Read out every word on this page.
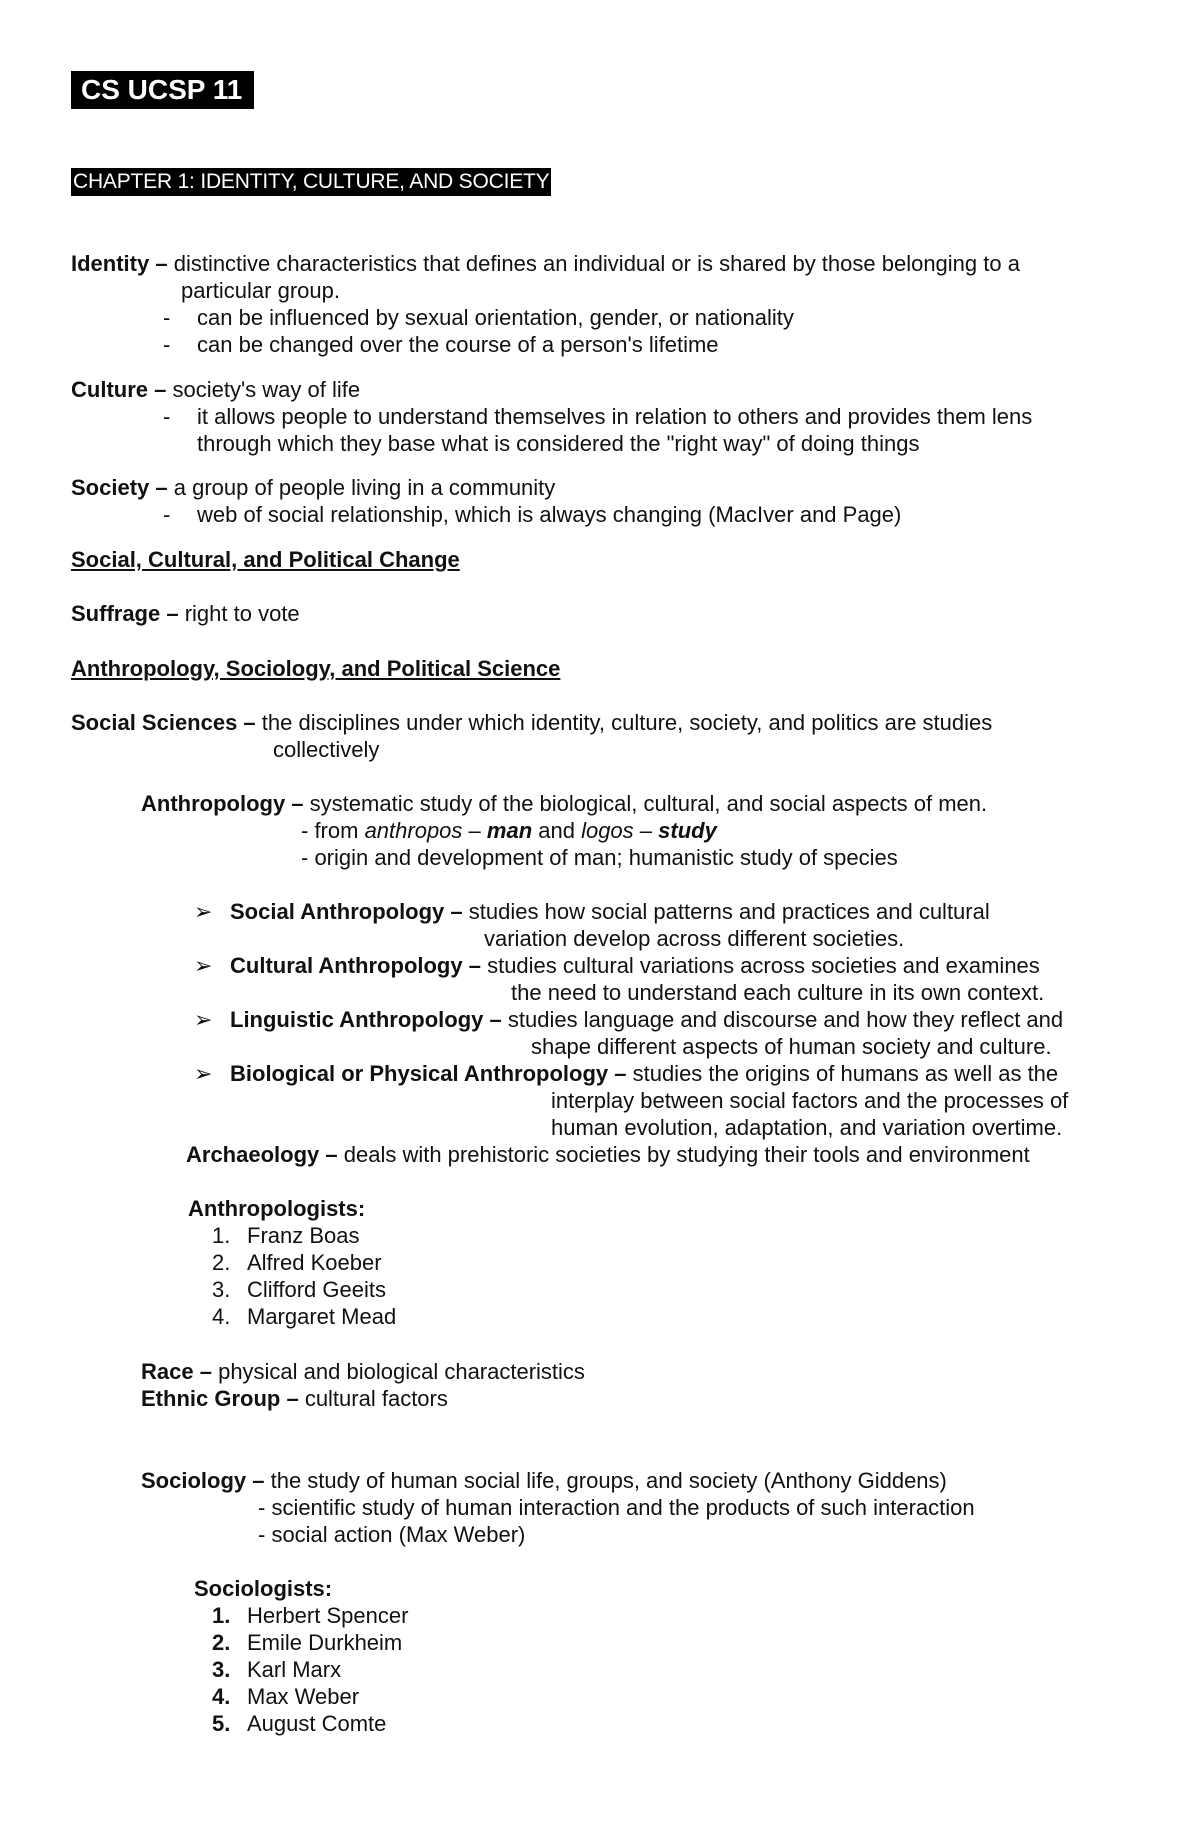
CS UCSP 11
CHAPTER 1: IDENTITY, CULTURE, AND SOCIETY
Identity – distinctive characteristics that defines an individual or is shared by those belonging to a
particular group.
- can be influenced by sexual orientation, gender, or nationality
- can be changed over the course of a person's lifetime
Culture – society's way of life
- it allows people to understand themselves in relation to others and provides them lens
through which they base what is considered the "right way" of doing things
Society – a group of people living in a community
- web of social relationship, which is always changing (MacIver and Page)
Social, Cultural, and Political Change
Suffrage – right to vote
Anthropology, Sociology, and Political Science
Social Sciences – the disciplines under which identity, culture, society, and politics are studies
collectively
Anthropology – systematic study of the biological, cultural, and social aspects of men.
- from anthropos – man and logos – study
- origin and development of man; humanistic study of species
➢ Social Anthropology – studies how social patterns and practices and cultural
variation develop across different societies.
➢ Cultural Anthropology – studies cultural variations across societies and examines
the need to understand each culture in its own context.
➢ Linguistic Anthropology – studies language and discourse and how they reflect and
shape different aspects of human society and culture.
➢ Biological or Physical Anthropology – studies the origins of humans as well as the
interplay between social factors and the processes of
human evolution, adaptation, and variation overtime.
Archaeology – deals with prehistoric societies by studying their tools and environment
Anthropologists:
1. Franz Boas
2. Alfred Koeber
3. Clifford Geeits
4. Margaret Mead
Race – physical and biological characteristics
Ethnic Group – cultural factors
Sociology – the study of human social life, groups, and society (Anthony Giddens)
- scientific study of human interaction and the products of such interaction
- social action (Max Weber)
Sociologists:
1. Herbert Spencer
2. Emile Durkheim
3. Karl Marx
4. Max Weber
5. August Comte
